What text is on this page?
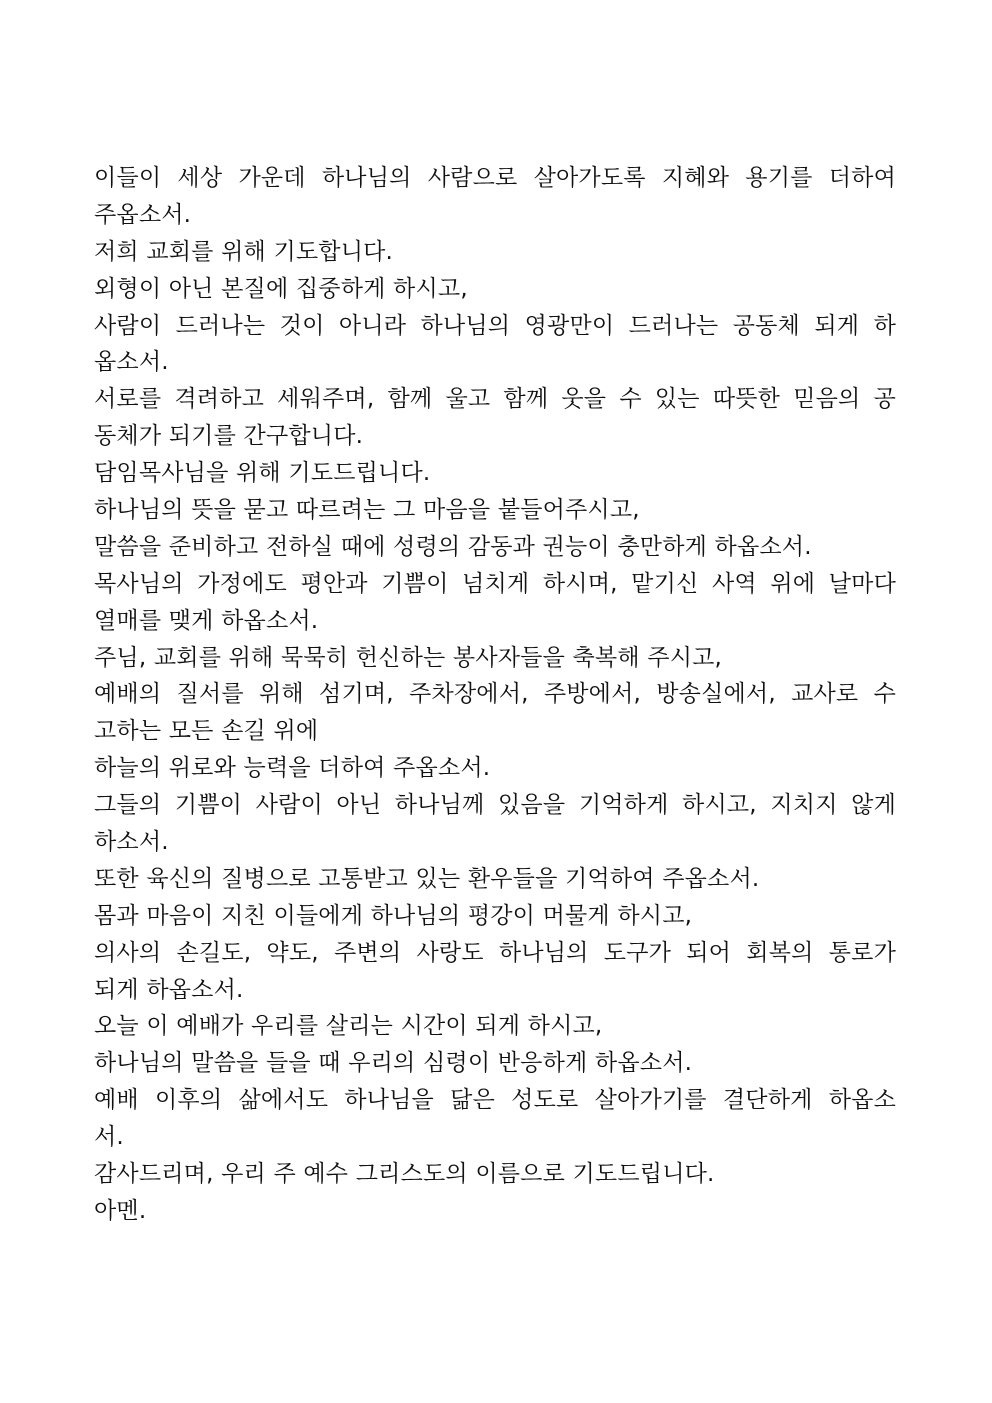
이들이 세상 가운데 하나님의 사람으로 살아가도록 지혜와 용기를 더하여
주옵소서.
저희 교회를 위해 기도합니다.
외형이 아닌 본질에 집중하게 하시고,
사람이 드러나는 것이 아니라 하나님의 영광만이 드러나는 공동체 되게 하
옵소서.
서로를 격려하고 세워주며, 함께 울고 함께 웃을 수 있는 따뜻한 믿음의 공
동체가 되기를 간구합니다.
담임목사님을 위해 기도드립니다.
하나님의 뜻을 묻고 따르려는 그 마음을 붙들어주시고,
말씀을 준비하고 전하실 때에 성령의 감동과 권능이 충만하게 하옵소서.
목사님의 가정에도 평안과 기쁨이 넘치게 하시며, 맡기신 사역 위에 날마다
열매를 맺게 하옵소서.
주님, 교회를 위해 묵묵히 헌신하는 봉사자들을 축복해 주시고,
예배의 질서를 위해 섬기며, 주차장에서, 주방에서, 방송실에서, 교사로 수
고하는 모든 손길 위에
하늘의 위로와 능력을 더하여 주옵소서.
그들의 기쁨이 사람이 아닌 하나님께 있음을 기억하게 하시고, 지치지 않게
하소서.
또한 육신의 질병으로 고통받고 있는 환우들을 기억하여 주옵소서.
몸과 마음이 지친 이들에게 하나님의 평강이 머물게 하시고,
의사의 손길도, 약도, 주변의 사랑도 하나님의 도구가 되어 회복의 통로가
되게 하옵소서.
오늘 이 예배가 우리를 살리는 시간이 되게 하시고,
하나님의 말씀을 들을 때 우리의 심령이 반응하게 하옵소서.
예배 이후의 삶에서도 하나님을 닮은 성도로 살아가기를 결단하게 하옵소
서.
감사드리며, 우리 주 예수 그리스도의 이름으로 기도드립니다.
아멘.
